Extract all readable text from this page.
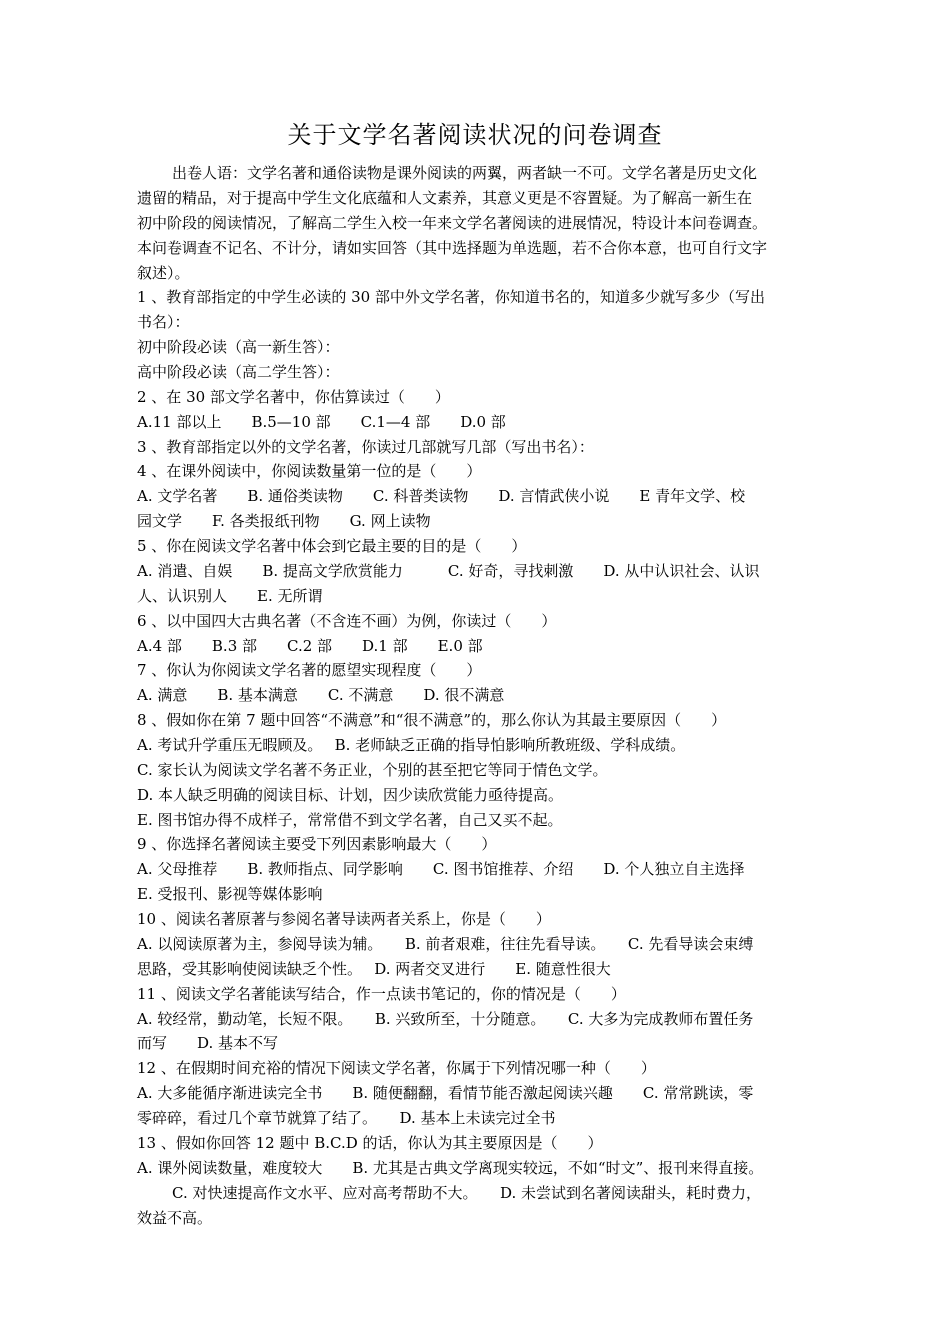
关于文学名著阅读状况的问卷调查
出卷人语：文学名著和通俗读物是课外阅读的两翼，两者缺一不可。文学名著是历史文化
遗留的精品，对于提高中学生文化底蕴和人文素养，其意义更是不容置疑。为了解高一新生在
初中阶段的阅读情况，了解高二学生入校一年来文学名著阅读的进展情况，特设计本问卷调查。
本问卷调查不记名、不计分，请如实回答（其中选择题为单选题，若不合你本意，也可自行文字
叙述）。
1 、教育部指定的中学生必读的 30 部中外文学名著，你知道书名的，知道多少就写多少（写出
书名）：
初中阶段必读（高一新生答）：
高中阶段必读（高二学生答）：
2 、在 30 部文学名著中，你估算读过（　　）
A.11 部以上　　B.5—10 部　　C.1—4 部　　D.0 部
3 、教育部指定以外的文学名著，你读过几部就写几部（写出书名）：
4 、在课外阅读中，你阅读数量第一位的是（　　）
A. 文学名著　　B. 通俗类读物　　C. 科普类读物　　D. 言情武侠小说　　E 青年文学、校
园文学　　F. 各类报纸刊物　　G. 网上读物
5 、你在阅读文学名著中体会到它最主要的目的是（　　）
A. 消遣、自娱　　B. 提高文学欣赏能力　　　C. 好奇，寻找刺激　　D. 从中认识社会、认识
人、认识别人　　E. 无所谓
6 、以中国四大古典名著（不含连不画）为例，你读过（　　）
A.4 部　　B.3 部　　C.2 部　　D.1 部　　E.0 部
7 、你认为你阅读文学名著的愿望实现程度（　　）
A. 满意　　B. 基本满意　　C. 不满意　　D. 很不满意
8 、假如你在第 7 题中回答“不满意”和“很不满意”的，那么你认为其最主要原因（　　）
A. 考试升学重压无暇顾及。　 B. 老师缺乏正确的指导怕影响所教班级、学科成绩。
C. 家长认为阅读文学名著不务正业，个别的甚至把它等同于情色文学。
D. 本人缺乏明确的阅读目标、计划，因少读欣赏能力亟待提高。
E. 图书馆办得不成样子，常常借不到文学名著，自己又买不起。
9 、你选择名著阅读主要受下列因素影响最大（　　）
A. 父母推荐　　B. 教师指点、同学影响　　C. 图书馆推荐、介绍　　D. 个人独立自主选择
E. 受报刊、影视等媒体影响
10 、阅读名著原著与参阅名著导读两者关系上，你是（　　）
A. 以阅读原著为主，参阅导读为辅。　　B. 前者艰难，往往先看导读。　　C. 先看导读会束缚
思路，受其影响使阅读缺乏个性。　 D. 两者交叉进行　　E. 随意性很大
11 、阅读文学名著能读写结合，作一点读书笔记的，你的情况是（　　）
A. 较经常，勤动笔，长短不限。　　B. 兴致所至，十分随意。　　C. 大多为完成教师布置任务
而写　　D. 基本不写
12 、在假期时间充裕的情况下阅读文学名著，你属于下列情况哪一种（　　）
A. 大多能循序渐进读完全书　　B. 随便翻翻，看情节能否激起阅读兴趣　　C. 常常跳读，零
零碎碎，看过几个章节就算了结了。　　D. 基本上未读完过全书
13 、假如你回答 12 题中 B.C.D 的话，你认为其主要原因是（　　）
A. 课外阅读数量，难度较大　　B. 尤其是古典文学离现实较远，不如“时文”、报刊来得直接。
C. 对快速提高作文水平、应对高考帮助不大。　　D. 未尝试到名著阅读甜头，耗时费力，
效益不高。
